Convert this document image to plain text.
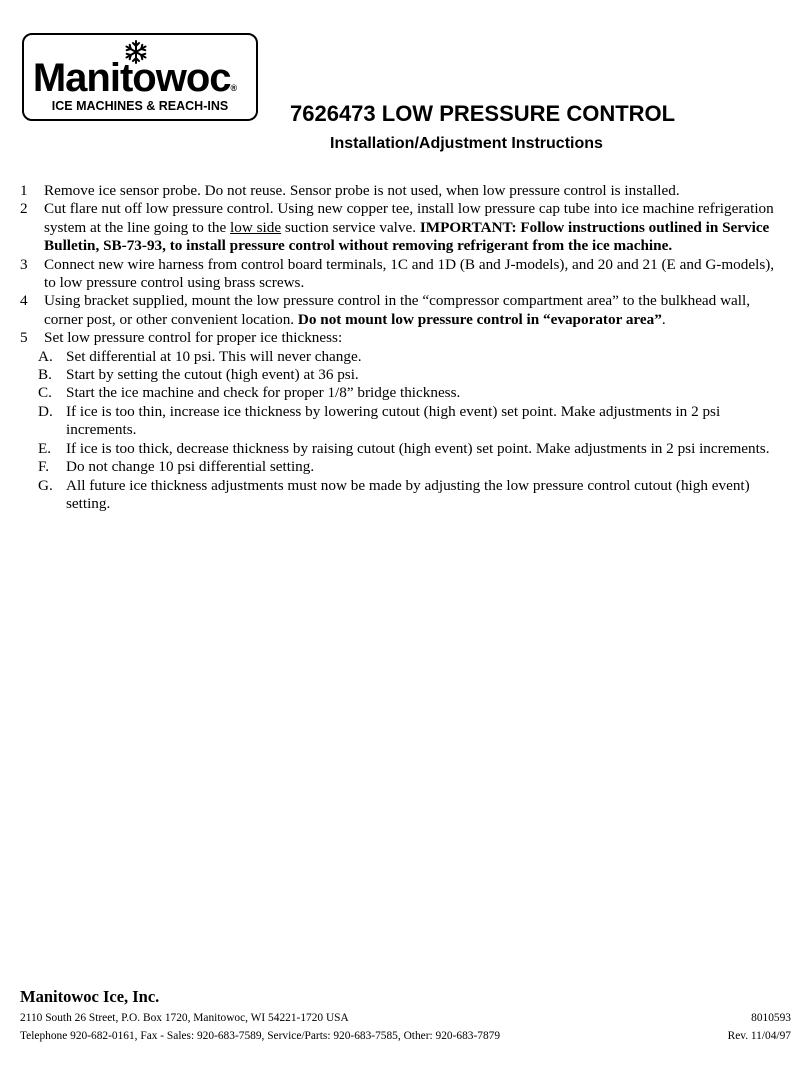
Manitowoc®
ICE MACHINES & REACH-INS	7626473 LOW PRESSURE CONTROL
Installation/Adjustment Instructions
1 Remove ice sensor probe. Do not reuse. Sensor probe is not used, when low pressure control is installed.
2 Cut flare nut off low pressure control. Using new copper tee, install low pressure cap tube into ice machine refrigeration system at the line going to the low side suction service valve. IMPORTANT: Follow instructions outlined in Service Bulletin, SB-73-93, to install pressure control without removing refrigerant from the ice machine.
3 Connect new wire harness from control board terminals, 1C and 1D (B and J-models), and 20 and 21 (E and G-models), to low pressure control using brass screws.
4 Using bracket supplied, mount the low pressure control in the “compressor compartment area” to the bulkhead wall, corner post, or other convenient location. Do not mount low pressure control in “evaporator area”.
5 Set low pressure control for proper ice thickness:
A. Set differential at 10 psi. This will never change.
B. Start by setting the cutout (high event) at 36 psi.
C. Start the ice machine and check for proper 1/8” bridge thickness.
D. If ice is too thin, increase ice thickness by lowering cutout (high event) set point. Make adjustments in 2 psi increments.
E. If ice is too thick, decrease thickness by raising cutout (high event) set point. Make adjustments in 2 psi increments.
F. Do not change 10 psi differential setting.
G. All future ice thickness adjustments must now be made by adjusting the low pressure control cutout (high event) setting.
Manitowoc Ice, Inc.
2110 South 26 Street, P.O. Box 1720, Manitowoc, WI 54221-1720 USA	8010593
Telephone 920-682-0161, Fax - Sales: 920-683-7589, Service/Parts: 920-683-7585, Other: 920-683-7879	Rev. 11/04/97
